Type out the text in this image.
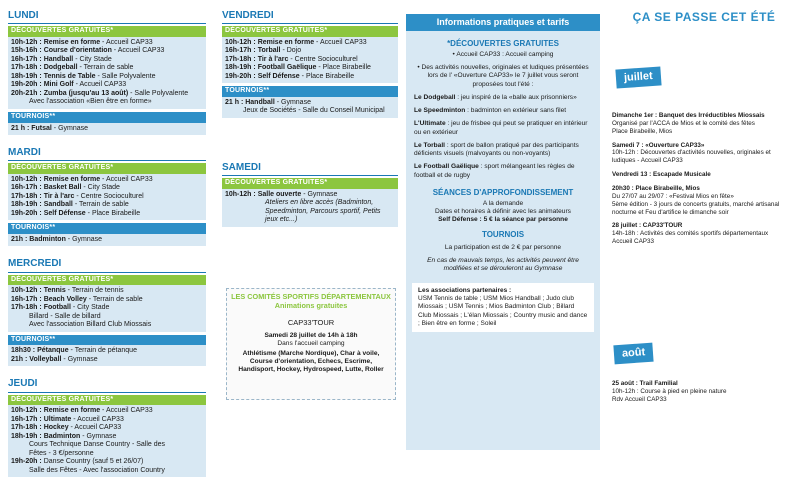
LUNDI
DÉCOUVERTES GRATUITES*
10h-12h : Remise en forme - Accueil CAP33
15h-16h : Course d'orientation - Accueil CAP33
16h-17h : Handball - City Stade
17h-18h : Dodgeball - Terrain de sable
18h-19h : Tennis de Table - Salle Polyvalente
19h-20h : Mini Golf - Accueil CAP33
20h-21h : Zumba (jusqu'au 13 août) - Salle Polyvalente
Avec l'association «Bien être en forme»
TOURNOIS**
21 h : Futsal - Gymnase
MARDI
DÉCOUVERTES GRATUITES*
10h-12h : Remise en forme - Accueil CAP33
16h-17h : Basket Ball - City Stade
17h-18h : Tir à l'arc - Centre Socioculturel
18h-19h : Sandball - Terrain de sable
19h-20h : Self Défense - Place Birabeille
TOURNOIS**
21h : Badminton - Gymnase
MERCREDI
DÉCOUVERTES GRATUITES*
10h-12h : Tennis - Terrain de tennis
16h-17h : Beach Volley - Terrain de sable
17h-18h : Football - City Stade
Billard - Salle de billard
Avec l'association Billard Club Miossais
TOURNOIS**
18h30 : Pétanque - Terrain de pétanque
21h : Volleyball - Gymnase
JEUDI
DÉCOUVERTES GRATUITES*
10h-12h : Remise en forme - Accueil CAP33
16h-17h : Ultimate - Accueil CAP33
17h-18h : Hockey - Accueil CAP33
18h-19h : Badminton - Gymnase
Cours Technique Danse Country - Salle des
Fêtes - 3 €/personne
19h-20h : Danse Country (sauf 5 et 26/07)
Salle des Fêtes - Avec l'association Country
VENDREDI
DÉCOUVERTES GRATUITES*
10h-12h : Remise en forme - Accueil CAP33
16h-17h : Torball - Dojo
17h-18h : Tir à l'arc - Centre Socioculturel
18h-19h : Football Gaëlique - Place Birabeille
19h-20h : Self Défense - Place Birabeille
TOURNOIS**
21 h : Handball - Gymnase
Jeux de Sociétés - Salle du Conseil Municipal
SAMEDI
DÉCOUVERTES GRATUITES*
10h-12h : Salle ouverte - Gymnase
Ateliers en libre accès (Badminton, Speedminton, Parcours sportif, Petits jeux etc...)
LES COMITÉS SPORTIFS DÉPARTEMENTAUX
Animations gratuites
CAP33'TOUR
Samedi 28 juillet de 14h à 18h
Dans l'accueil camping
Athlétisme (Marche Nordique), Char à voile, Course d'orientation, Echecs, Escrime, Handisport, Hockey, Hydrospeed, Lutte, Roller
Informations pratiques et tarifs
*DÉCOUVERTES GRATUITES
• Accueil CAP33 : Accueil camping
• Des activités nouvelles, originales et ludiques présentées lors de l' «Ouverture CAP33» le 7 juillet vous seront proposées tout l'été :
Le Dodgeball : jeu inspiré de la «balle aux prisonniers»
Le Speedminton : badminton en extérieur sans filet
L'Ultimate : jeu de frisbee qui peut se pratiquer en intérieur ou en extérieur
Le Torball : sport de ballon pratiqué par des participants déficients visuels (malvoyants ou non-voyants)
Le Football Gaëlique : sport mélangeant les règles de football et de rugby
SÉANCES D'APPROFONDISSEMENT
A la demande
Dates et horaires à définir avec les animateurs
Self Défense : 5 € la séance par personne
TOURNOIS
La participation est de 2 € par personne
En cas de mauvais temps, les activités peuvent être modifiées et se dérouleront au Gymnase
Les associations partenaires :
USM Tennis de table ; USM Mios Handball ; Judo club Miossais ; USM Tennis ; Mios Badminton Club ; Billard Club Miossais ; L'élan Miossais ; Country music and dance ; Bien être en forme ; Soleil
ÇA SE PASSE CET ÉTÉ
juillet
Dimanche 1er : Banquet des Irréductibles Miossais
Organisé par l'ACCA de Mios et le comité des fêtes
Place Birabeille, Mios
Samedi 7 : «Ouverture CAP33»
10h-12h : Découvertes d'activités nouvelles, originales et
ludiques - Accueil CAP33
Vendredi 13 : Escapade Musicale
20h30 : Place Birabeille, Mios
Du 27/07 au 29/07 : «Festival Mios en fête»
5ème édition - 3 jours de concerts gratuits, marché artisanal
nocturne et Feu d'artifice le dimanche soir
28 juillet : CAP33'TOUR
14h-18h : Activités des comités sportifs départementaux
Accueil CAP33
août
25 août : Trail Familial
10h-12h : Course à pied en pleine nature
Rdv Accueil CAP33
